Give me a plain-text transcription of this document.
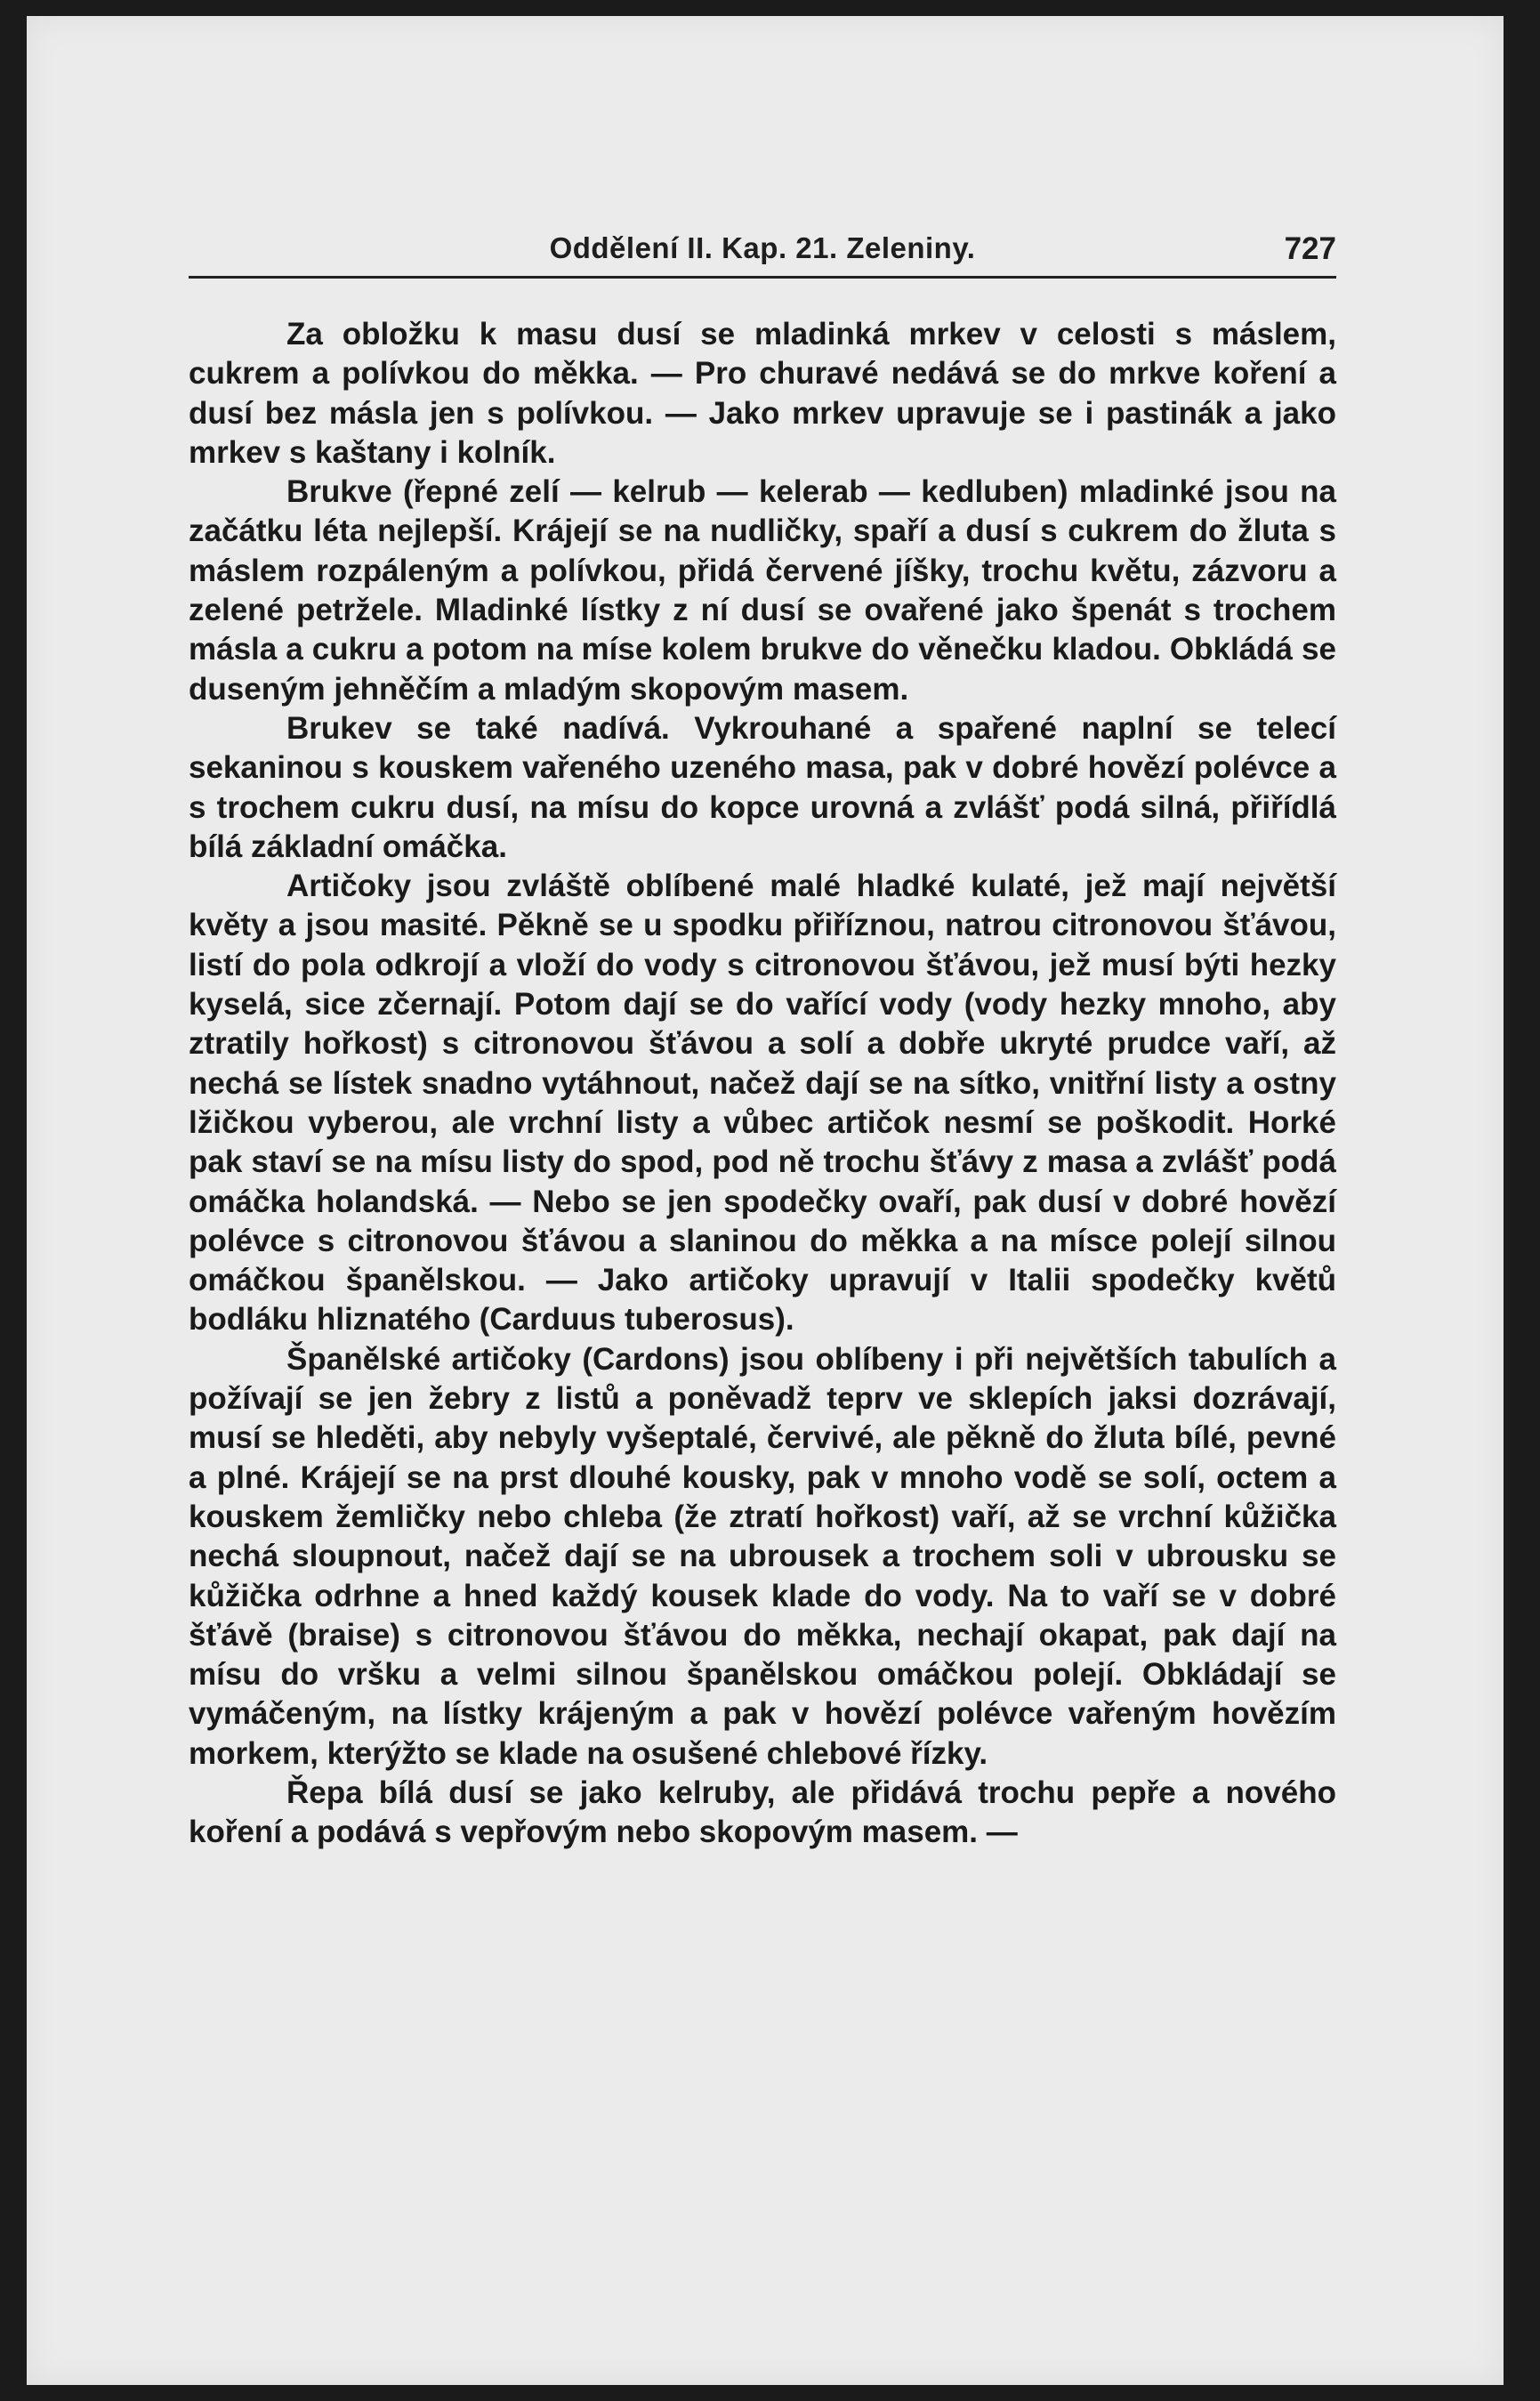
Oddělení II. Kap. 21. Zeleniny.	727

Za obložku k masu dusí se mladinká mrkev v celosti s máslem, cukrem a polívkou do měkka. — Pro churavé nedává se do mrkve koření a dusí bez másla jen s polívkou. — Jako mrkev upravuje se i pastinák a jako mrkev s kaštany i kolník.

Brukve (řepné zelí — kelrub — kelerab — kedluben) mladinké jsou na začátku léta nejlepší. Krájejí se na nudličky, spaří a dusí s cukrem do žluta s máslem rozpáleným a polívkou, přidá červené jíšky, trochu květu, zázvoru a zelené petržele. Mladinké lístky z ní dusí se ovařené jako špenát s trochem másla a cukru a potom na míse kolem brukve do věnečku kladou. Obkládá se duseným jehněčím a mladým skopovým masem.

Brukev se také nadívá. Vykrouhané a spařené naplní se telecí sekaninou s kouskem vařeného uzeného masa, pak v dobré hovězí polévce a s trochem cukru dusí, na mísu do kopce urovná a zvlášť podá silná, přiřídlá bílá základní omáčka.

Artičoky jsou zvláště oblíbené malé hladké kulaté, jež mají největší květy a jsou masité. Pěkně se u spodku přiříznou, natrou citronovou šťávou, listí do pola odkrojí a vloží do vody s citronovou šťávou, jež musí býti hezky kyselá, sice zčernají. Potom dají se do vařící vody (vody hezky mnoho, aby ztratily hořkost) s citronovou šťávou a solí a dobře ukryté prudce vaří, až nechá se lístek snadno vytáhnout, načež dají se na sítko, vnitřní listy a ostny lžičkou vyberou, ale vrchní listy a vůbec artičok nesmí se poškodit. Horké pak staví se na mísu listy do spod, pod ně trochu šťávy z masa a zvlášť podá omáčka holandská. — Nebo se jen spodečky ovaří, pak dusí v dobré hovězí polévce s citronovou šťávou a slaninou do měkka a na mísce polejí silnou omáčkou španělskou. — Jako artičoky upravují v Italii spodečky květů bodláku hliznatého (Carduus tuberosus).

Španělské artičoky (Cardons) jsou oblíbeny i při největších tabulích a požívají se jen žebry z listů a poněvadž teprv ve sklepích jaksi dozrávají, musí se hleděti, aby nebyly vyšeptalé, červivé, ale pěkně do žluta bílé, pevné a plné. Krájejí se na prst dlouhé kousky, pak v mnoho vodě se solí, octem a kouskem žemličky nebo chleba (že ztratí hořkost) vaří, až se vrchní kůžička nechá sloupnout, načež dají se na ubrousek a trochem soli v ubrousku se kůžička odrhne a hned každý kousek klade do vody. Na to vaří se v dobré šťávě (braise) s citronovou šťávou do měkka, nechají okapat, pak dají na mísu do vršku a velmi silnou španělskou omáčkou polejí. Obkládají se vymáčeným, na lístky krájeným a pak v hovězí polévce vařeným hovězím morkem, kterýžto se klade na osušené chlebové řízky.

Řepa bílá dusí se jako kelruby, ale přidává trochu pepře a nového koření a podává s vepřovým nebo skopovým masem. —
